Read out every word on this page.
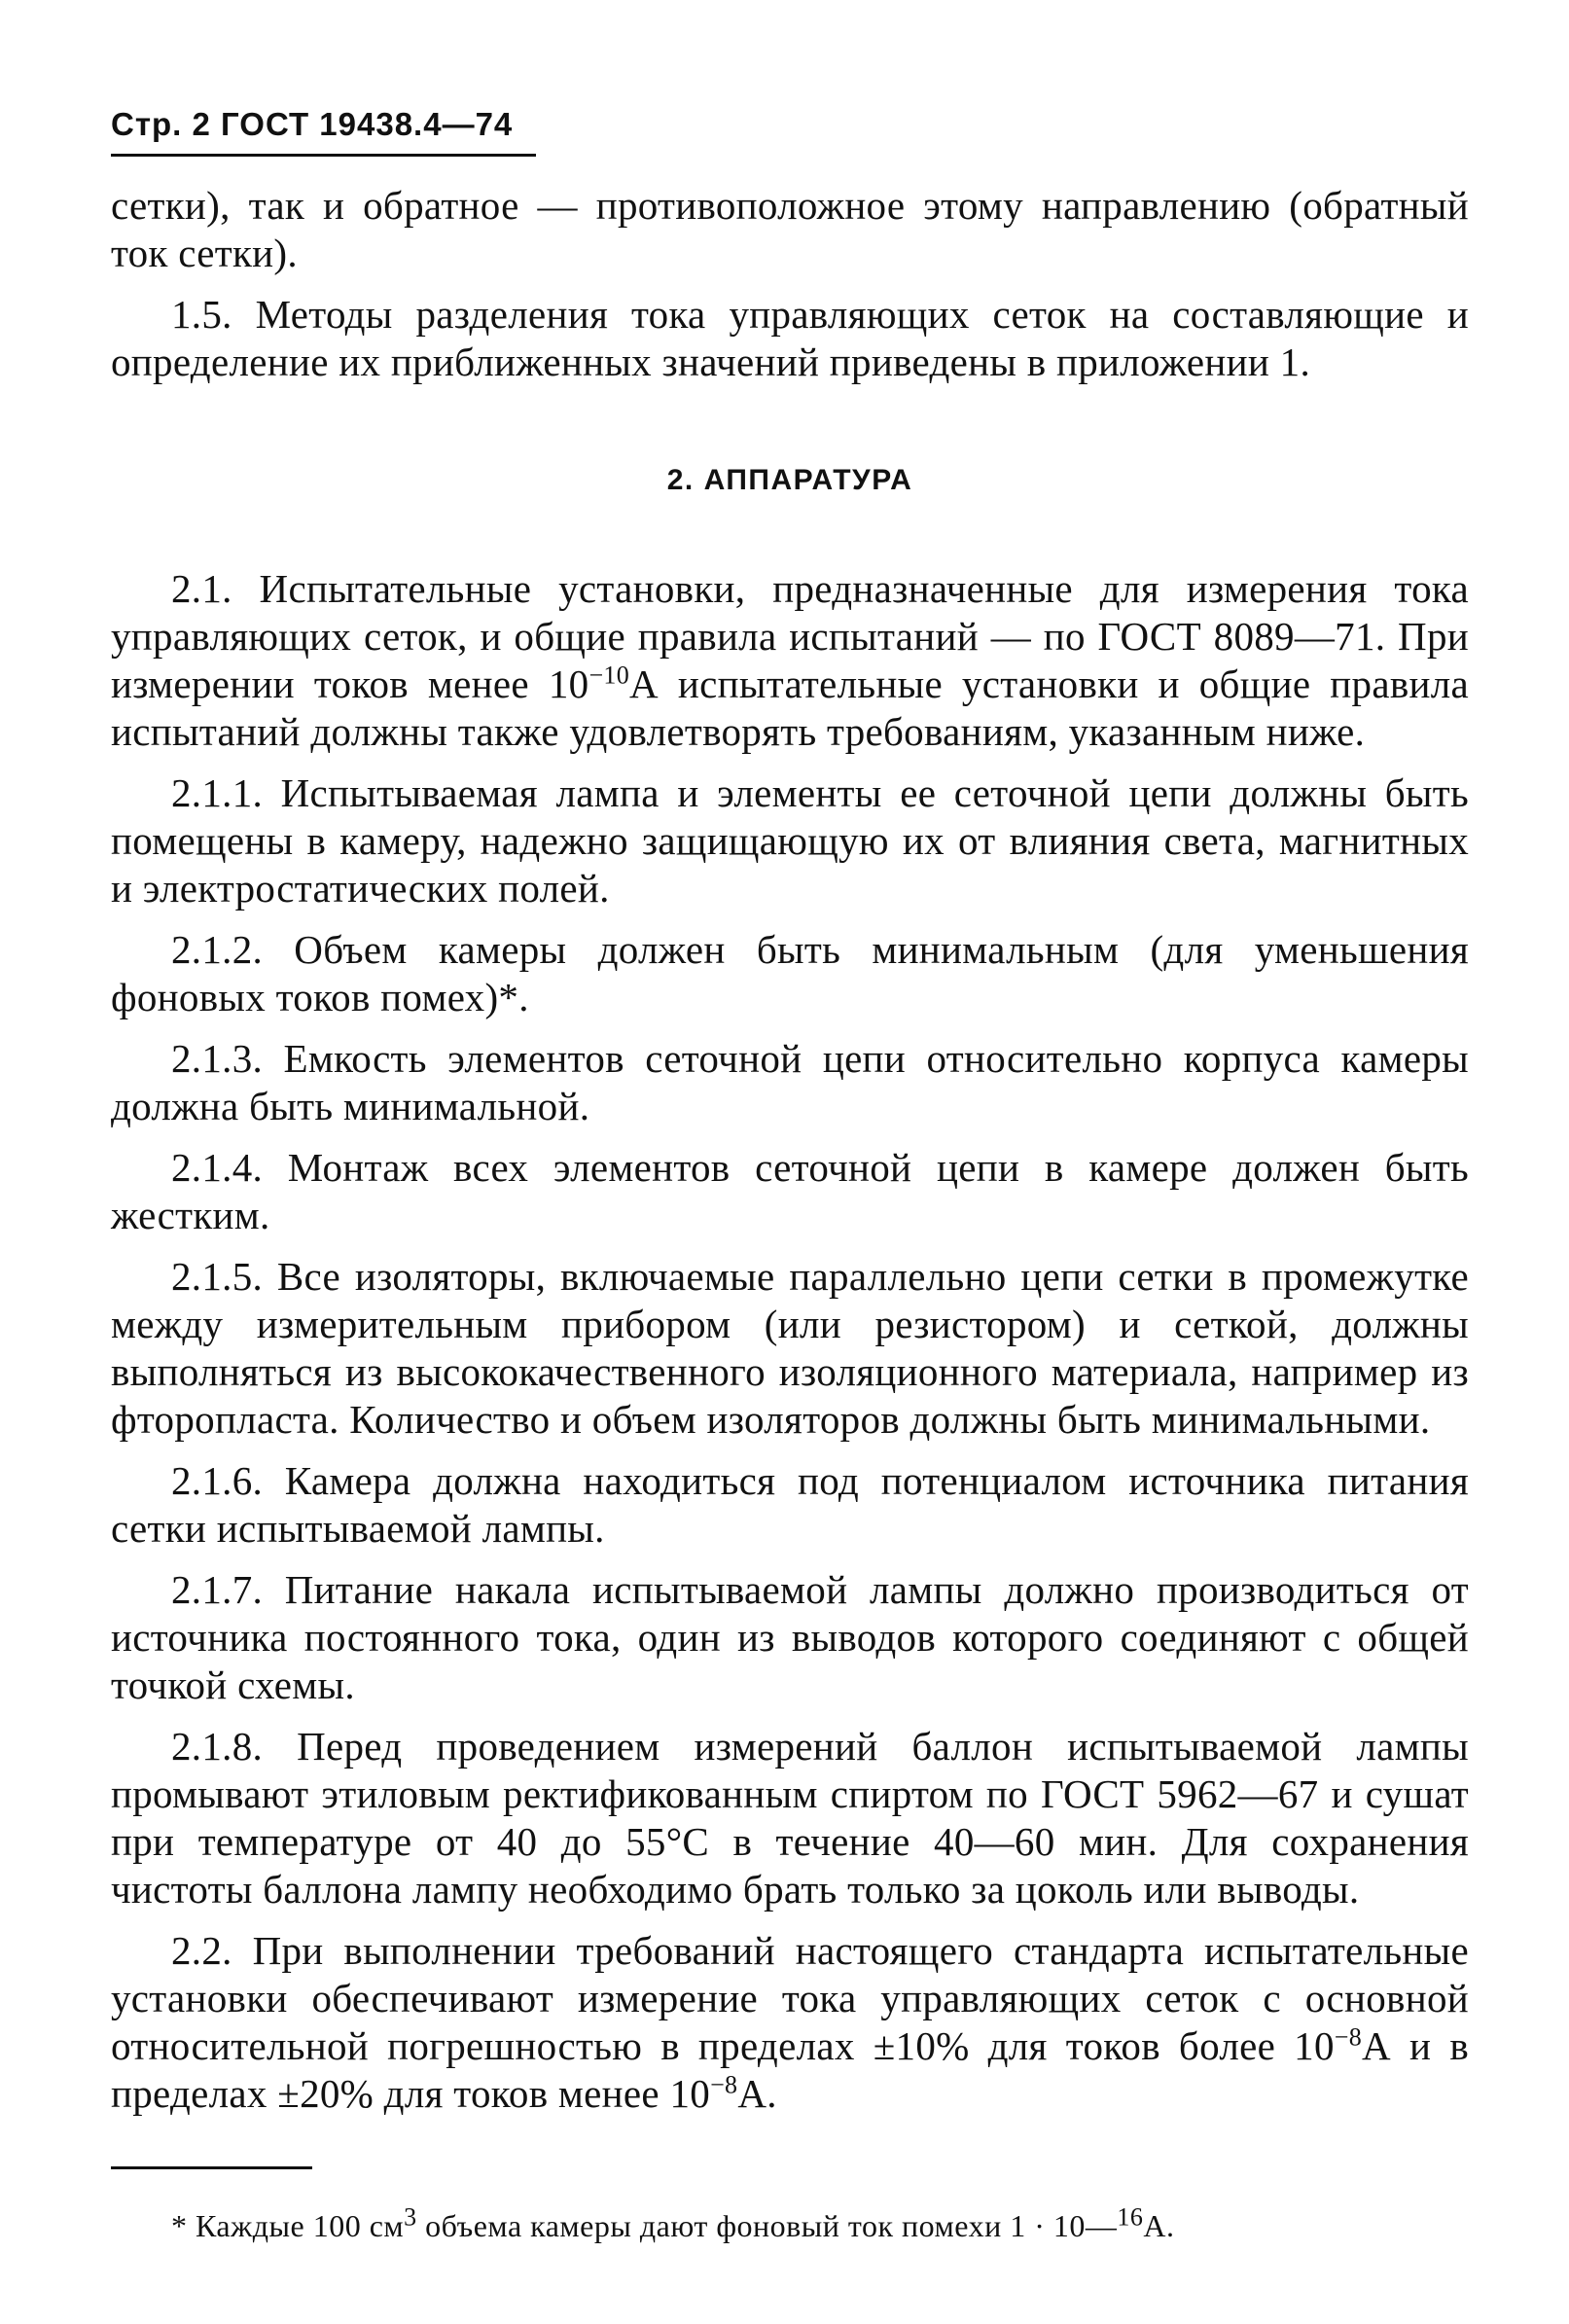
Стр. 2 ГОСТ 19438.4—74

сетки), так и обратное — противоположное этому направлению (обратный ток сетки).

1.5. Методы разделения тока управляющих сеток на составляющие и определение их приближенных значений приведены в приложении 1.

2. АППАРАТУРА

2.1. Испытательные установки, предназначенные для измерения тока управляющих сеток, и общие правила испытаний — по ГОСТ 8089—71. При измерении токов менее $10^{-10}А$ испытательные установки и общие правила испытаний должны также удовлетворять требованиям, указанным ниже.

2.1.1. Испытываемая лампа и элементы ее сеточной цепи должны быть помещены в камеру, надежно защищающую их от влияния света, магнитных и электростатических полей.

2.1.2. Объем камеры должен быть минимальным (для уменьшения фоновых токов помех)*.

2.1.3. Емкость элементов сеточной цепи относительно корпуса камеры должна быть минимальной.

2.1.4. Монтаж всех элементов сеточной цепи в камере должен быть жестким.

2.1.5. Все изоляторы, включаемые параллельно цепи сетки в промежутке между измерительным прибором (или резистором) и сеткой, должны выполняться из высококачественного изоляционного материала, например из фторопласта. Количество и объем изоляторов должны быть минимальными.

2.1.6. Камера должна находиться под потенциалом источника питания сетки испытываемой лампы.

2.1.7. Питание накала испытываемой лампы должно производиться от источника постоянного тока, один из выводов которого соединяют с общей точкой схемы.

2.1.8. Перед проведением измерений баллон испытываемой лампы промывают этиловым ректификованным спиртом по ГОСТ 5962—67 и сушат при температуре от 40 до 55°С в течение 40—60 мин. Для сохранения чистоты баллона лампу необходимо брать только за цоколь или выводы.

2.2. При выполнении требований настоящего стандарта испытательные установки обеспечивают измерение тока управляющих сеток с основной относительной погрешностью в пределах ±10% для токов более $10^{-8}А$ и в пределах ±20% для токов менее $10^{-8}А$.

* Каждые 100 $см^3$ объема камеры дают фоновый ток помехи 1 · 10—$^{16}$А.
